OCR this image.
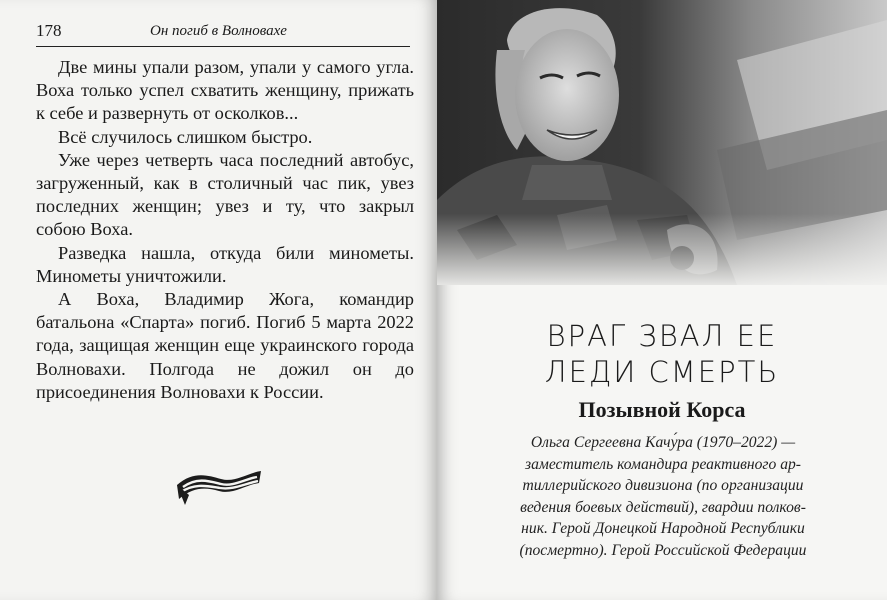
178	Он погиб в Волновахе

Две мины упали разом, упали у самого угла. Воха только успел схватить женщину, прижать к себе и развернуть от осколков...

Всё случилось слишком быстро.

Уже через четверть часа последний автобус, загруженный, как в столичный час пик, увез последних женщин; увез и ту, что закрыл собою Воха.

Разведка нашла, откуда били минометы. Минометы уничтожили.

А Воха, Владимир Жога, командир батальона «Спарта» погиб. Погиб 5 марта 2022 года, защищая женщин еще украинского города Волновахи. Полгода не дожил он до присоединения Волновахи к России.

ВРАГ ЗВАЛ ЕЕ
ЛЕДИ СМЕРТЬ
Позывной Корса
Ольга Сергеевна Качу́ра (1970–2022) —
заместитель командира реактивного ар-
тиллерийского дивизиона (по организации
ведения боевых действий), гвардии полков-
ник. Герой Донецкой Народной Республики
(посмертно). Герой Российской Федерации
